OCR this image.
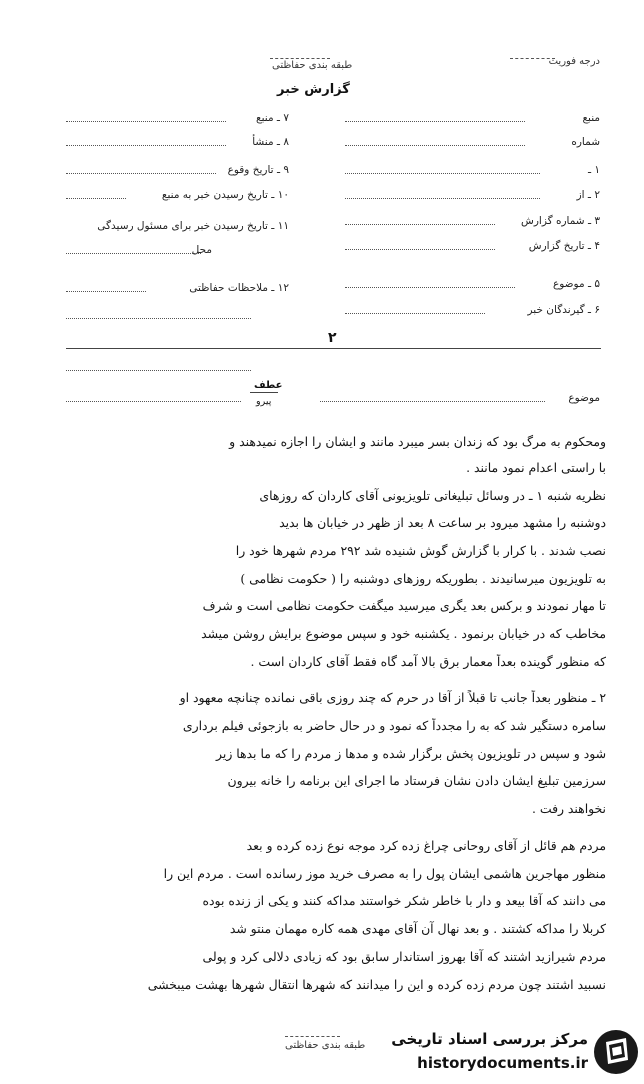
درجه فوریت
طبقه بندی حفاظتی
گزارش خبر
منبع
شماره
۱ ـ
۲ ـ از
۳ ـ شماره گزارش
۴ ـ تاریخ گزارش
۵ ـ موضوع
۶ ـ گیرندگان خبر
۷ ـ منبع
۸ ـ منشأ
۹ ـ تاریخ وقوع
۱۰ ـ تاریخ رسیدن خبر به منبع
۱۱ ـ تاریخ رسیدن خبر برای مسئول رسیدگی
محل
۱۲ ـ ملاحظات حفاظتی
۲
عطف
پیرو	موضوع
ومحکوم به مرگ بود که زندان بسر میبرد مانند و ایشان را اجازه نمیدهند و
با راستی اعدام نمود مانند .
نظریه شنبه ۱ ـ در وسائل تبلیغاتی تلویزیونی آقای کاردان که روزهای
دوشنبه را مشهد میرود بر ساعت ۸ بعد از ظهر در خیابان ها بدید
نصب شدند . با کرار با گزارش گوش شنیده شد ۲۹۲ مردم شهرها خود را
به تلویزیون میرسانیدند . بطوریکه روزهای دوشنبه را ( حکومت نظامی )
تا مهار نمودند و برکس بعد یگری میرسید میگفت حکومت نظامی است و شرف
مخاطب که در خیابان برنمود . یکشنبه خود و سپس موضوع برایش روشن میشد
که منظور گوینده بعداً معمار برق بالا آمد گاه فقط آقای کاردان است .
۲ ـ منظور بعداً جانب تا قبلاً از آقا در حرم که چند روزی باقی نمانده چنانچه معهود او
سامره دستگیر شد که به را مجدداً که نمود و در حال حاضر به بازجوئی فیلم برداری
شود و سپس در تلویزیون پخش برگزار شده و مدها ز مردم را که ما بدها زیر
سرزمین تبلیغ ایشان دادن نشان فرستاد ما اجرای این برنامه را خانه بیرون
نخواهند رفت .
مردم هم قائل از آقای روحانی چراغ زده کرد موجه نوع زده کرده و بعد
منظور مهاجرین هاشمی ایشان پول را به مصرف خرید موز رسانده است . مردم این را
می دانند که آقا بیعد و دار با خاطر شکر خواستند مداکه کنند و یکی از زنده بوده
کربلا را مداکه کشتند . و بعد نهال آن آقای مهدی همه کاره مهمان منتو شد
مردم شیرازید اشتند که آقا بهروز استاندار سابق بود که زیادی دلالی کرد و پولی
نسبید اشتند چون مردم زده کرده و این را میدانند که شهرها انتقال شهرها بهشت میبخشی
طبقه بندی حفاظتی مرکز بررسی اسناد تاریخی
historydocuments.ir
